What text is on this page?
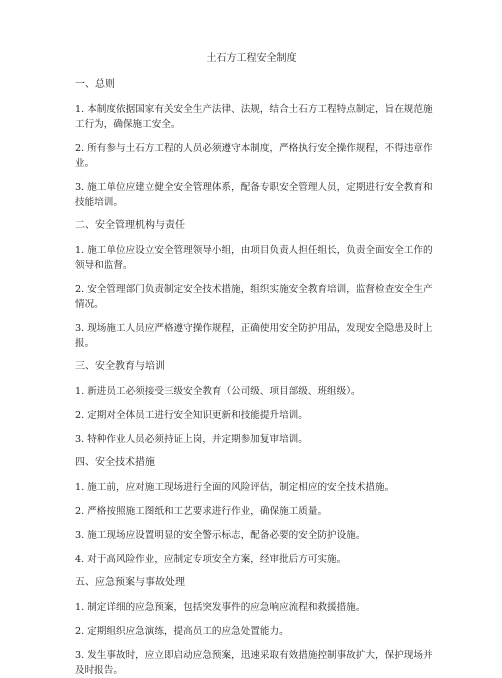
土石方工程安全制度
一、总则

1. 本制度依据国家有关安全生产法律、法规，结合土石方工程特点制定，旨在规范施工行为，确保施工安全。

2. 所有参与土石方工程的人员必须遵守本制度，严格执行安全操作规程，不得违章作业。

3. 施工单位应建立健全安全管理体系，配备专职安全管理人员，定期进行安全教育和技能培训。

二、安全管理机构与责任

1. 施工单位应设立安全管理领导小组，由项目负责人担任组长，负责全面安全工作的领导和监督。

2. 安全管理部门负责制定安全技术措施，组织实施安全教育培训，监督检查安全生产情况。

3. 现场施工人员应严格遵守操作规程，正确使用安全防护用品，发现安全隐患及时上报。

三、安全教育与培训

1. 新进员工必须接受三级安全教育（公司级、项目部级、班组级）。

2. 定期对全体员工进行安全知识更新和技能提升培训。

3. 特种作业人员必须持证上岗，并定期参加复审培训。

四、安全技术措施

1. 施工前，应对施工现场进行全面的风险评估，制定相应的安全技术措施。

2. 严格按照施工图纸和工艺要求进行作业，确保施工质量。

3. 施工现场应设置明显的安全警示标志，配备必要的安全防护设施。

4. 对于高风险作业，应制定专项安全方案，经审批后方可实施。

五、应急预案与事故处理

1. 制定详细的应急预案，包括突发事件的应急响应流程和救援措施。

2. 定期组织应急演练，提高员工的应急处置能力。

3. 发生事故时，应立即启动应急预案，迅速采取有效措施控制事故扩大，保护现场并及时报告。
